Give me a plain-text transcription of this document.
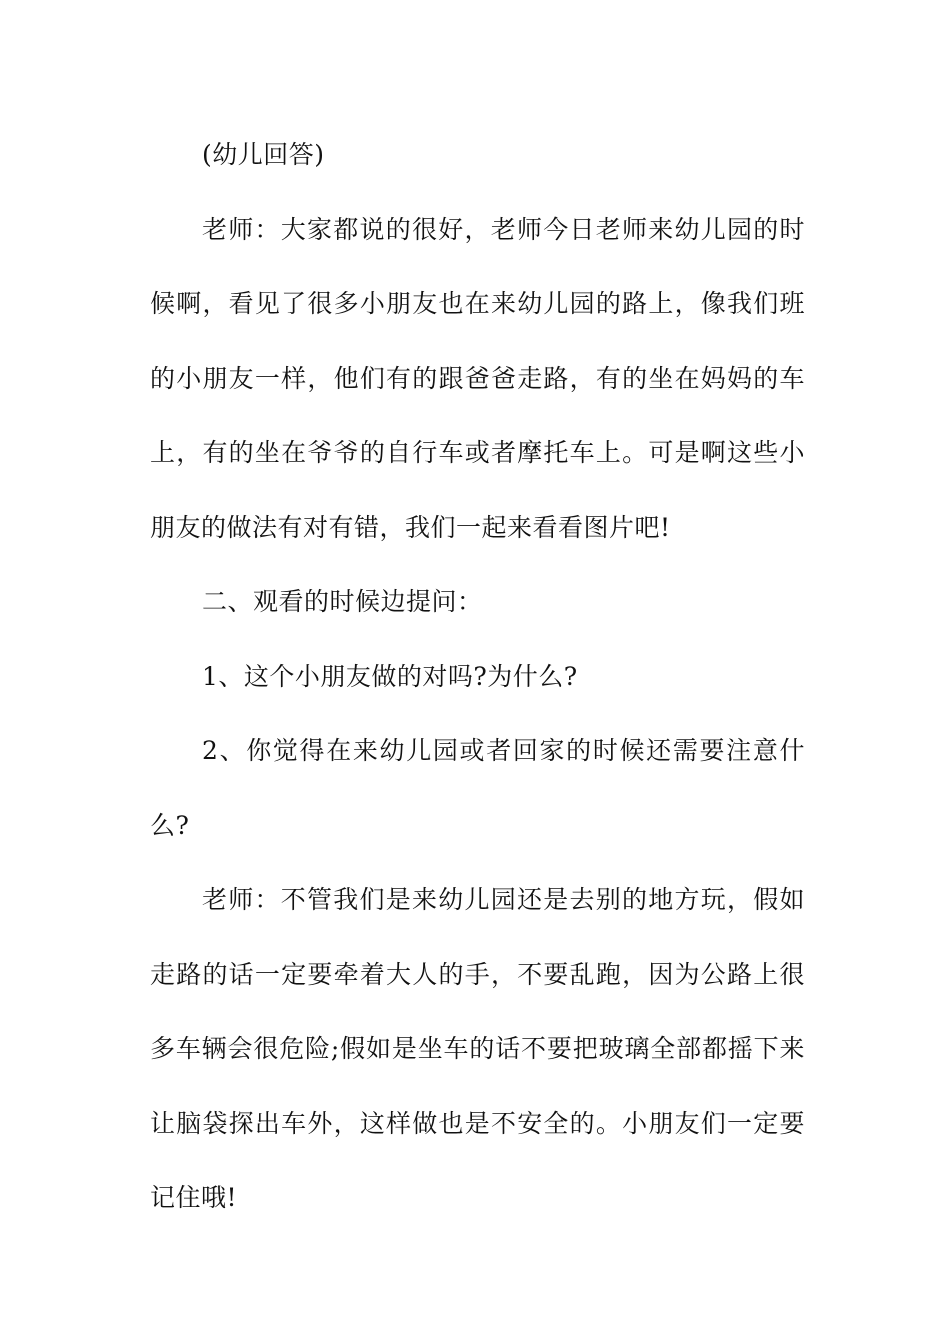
(幼儿回答)

老师：大家都说的很好，老师今日老师来幼儿园的时候啊，看见了很多小朋友也在来幼儿园的路上，像我们班的小朋友一样，他们有的跟爸爸走路，有的坐在妈妈的车上，有的坐在爷爷的自行车或者摩托车上。可是啊这些小朋友的做法有对有错，我们一起来看看图片吧!

二、观看的时候边提问：

1、这个小朋友做的对吗?为什么?

2、你觉得在来幼儿园或者回家的时候还需要注意什么?

老师：不管我们是来幼儿园还是去别的地方玩，假如走路的话一定要牵着大人的手，不要乱跑，因为公路上很多车辆会很危险;假如是坐车的话不要把玻璃全部都摇下来让脑袋探出车外，这样做也是不安全的。小朋友们一定要记住哦!
